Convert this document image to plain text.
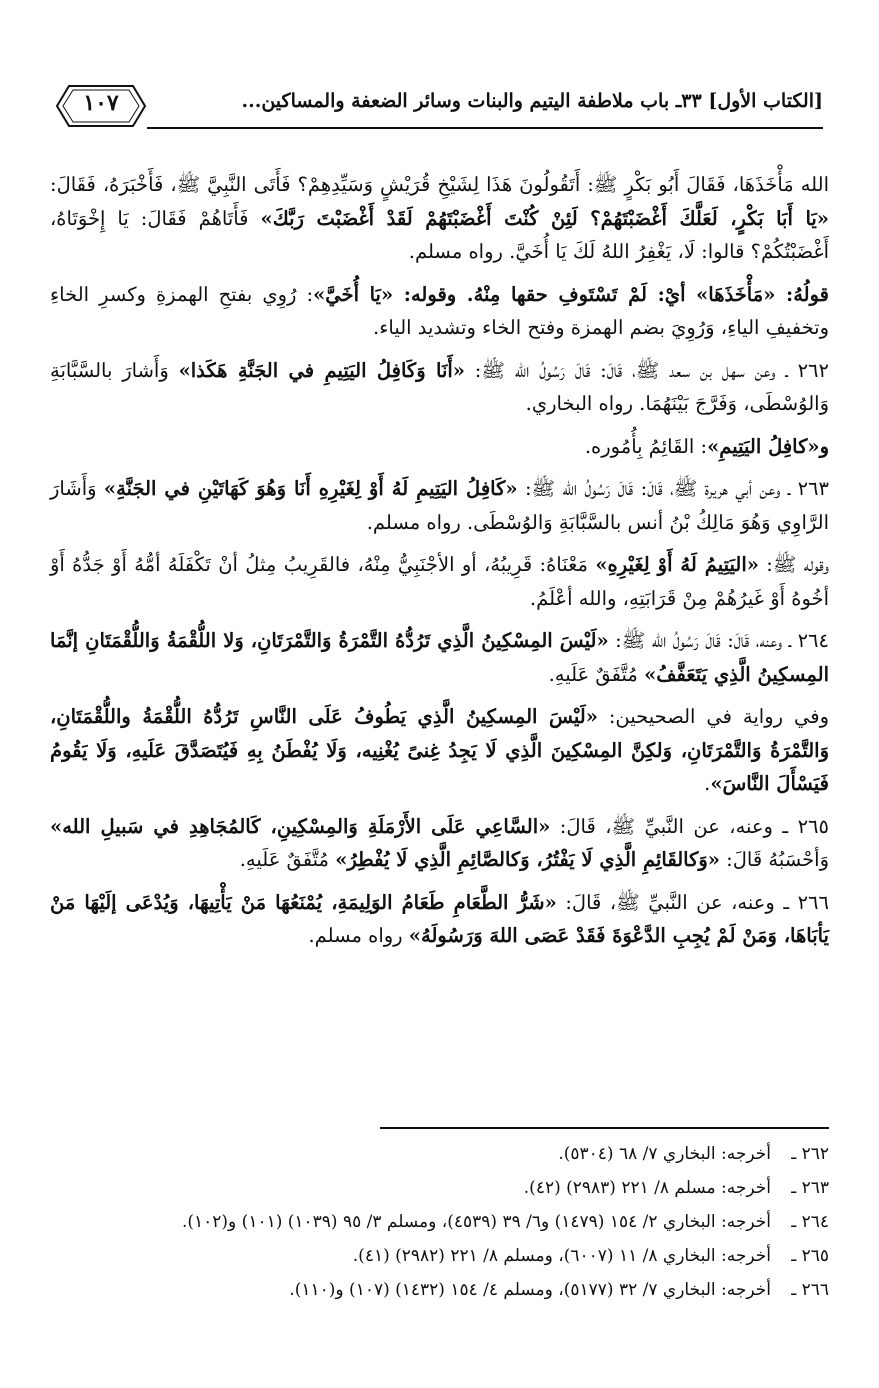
[الكتاب الأول] ٣٣ـ باب ملاطفة اليتيم والبنات وسائر الضعفة والمساكين...
١٠٧

الله مَأْخَذَهَا، فَقَالَ أَبُو بَكْرٍ ﷺ: أَتَقُولُونَ هَذَا لِشَيْخِ قُرَيْشٍ وَسَيِّدِهِمْ؟ فَأَتَى النَّبِيَّ ﷺ، فَأَخْبَرَهُ، فَقَالَ: «يَا أَبَا بَكْرٍ، لَعَلَّكَ أَغْضَبْتَهُمْ؟ لَئِنْ كُنْتَ أَغْضَبْتَهُمْ لَقَدْ أَغْضَبْتَ رَبَّكَ» فَأَتَاهُمْ فَقَالَ: يَا إِخْوَتَاهُ، أَغْضَبْتُكُمْ؟ قالوا: لَا، يَغْفِرُ اللهُ لَكَ يَا أُخَيَّ. رواه مسلم.

قولُهُ: «مَأْخَذَهَا» أيْ: لَمْ تَسْتَوفِ حقها مِنْهُ. وقوله: «يَا أُخَيَّ»: رُوِي بفتحِ الهمزةِ وكسرِ الخاءِ وتخفيفِ الياءِ، وَرُوِيَ بضم الهمزة وفتح الخاء وتشديد الياء.

٢٦٢ ـ وعن سهل بن سعد ﷺ، قَالَ: قَالَ رَسُولُ الله ﷺ: «أَنَا وَكَافِلُ اليَتِيمِ في الجَنَّةِ هَكَذا» وَأَشارَ بالسَّبَّابَةِ وَالوُسْطَى، وَفَرَّجَ بَيْنَهُمَا. رواه البخاري.

و«كافِلُ اليَتِيمِ»: القَائِمُ بِأُمُوره.

٢٦٣ ـ وعن أبي هريرة ﷺ، قَالَ: قَالَ رَسُولُ الله ﷺ: «كَافِلُ اليَتِيمِ لَهُ أَوْ لِغَيْرِهِ أَنَا وَهُوَ كَهَاتَيْنِ في الجَنَّةِ» وَأَشَارَ الرَّاوِي وَهُوَ مَالِكُ بْنُ أنس بالسَّبَّابَةِ وَالوُسْطَى. رواه مسلم.

وقوله ﷺ: «اليَتِيمُ لَهُ أَوْ لِغَيْرِهِ» مَعْنَاهُ: قَرِيبُهُ، أو الأجْنَبِيُّ مِنْهُ، فالقَرِيبُ مِثلُ أنْ تَكْفَلَهُ أمُّهُ أَوْ جَدُّهُ أَوْ أخُوهُ أَوْ غَيرُهُمْ مِنْ قَرَابَتِهِ، والله أعْلَمُ.

٢٦٤ ـ وعنه، قَالَ: قَالَ رَسُولُ الله ﷺ: «لَيْسَ المِسْكِينُ الَّذِي تَرُدُّهُ التَّمْرَةُ وَالتَّمْرَتَانِ، وَلا اللُّقْمَةُ وَاللُّقْمَتَانِ إنَّمَا المِسكِينُ الَّذِي يَتَعَفَّفُ» مُتَّفَقٌ عَلَيهِ.

وفي رواية في الصحيحين: «لَيْسَ المِسكِينُ الَّذِي يَطُوفُ عَلَى النَّاسِ تَرُدُّهُ اللُّقْمَةُ واللُّقْمَتَانِ، وَالتَّمْرَةُ وَالتَّمْرَتَانِ، وَلكِنَّ المِسْكِينَ الَّذِي لَا يَجِدُ غِنىً يُغْنِيه، وَلَا يُفْطَنُ بِهِ فَيُتَصَدَّقَ عَلَيهِ، وَلَا يَقُومُ فَيَسْأَلَ النَّاسَ».

٢٦٥ ـ وعنه، عن النَّبيِّ ﷺ، قَالَ: «السَّاعِي عَلَى الأَرْمَلَةِ وَالمِسْكِينِ، كَالمُجَاهِدِ في سَبيلِ الله» وَأحْسَبُهُ قَالَ: «وَكالقَائِمِ الَّذِي لَا يَفْتُرُ، وَكالصَّائِمِ الَّذِي لَا يُفْطِرُ» مُتَّفَقٌ عَلَيهِ.

٢٦٦ ـ وعنه، عن النَّبيِّ ﷺ، قَالَ: «شَرُّ الطَّعَامِ طَعَامُ الوَلِيمَةِ، يُمْنَعُهَا مَنْ يَأْتِيهَا، وَيُدْعَى إلَيْهَا مَنْ يَأبَاهَا، وَمَنْ لَمْ يُجِبِ الدَّعْوَةَ فَقَدْ عَصَى اللهَ وَرَسُولَهُ» رواه مسلم.

٢٦٢ ـ
أخرجه: البخاري ٧/ ٦٨ (٥٣٠٤).
٢٦٣ ـ
أخرجه: مسلم ٨/ ٢٢١ (٢٩٨٣) (٤٢).
٢٦٤ ـ
أخرجه: البخاري ٢/ ١٥٤ (١٤٧٩) و٦/ ٣٩ (٤٥٣٩)، ومسلم ٣/ ٩٥ (١٠٣٩) (١٠١) و(١٠٢).
٢٦٥ ـ
أخرجه: البخاري ٨/ ١١ (٦٠٠٧)، ومسلم ٨/ ٢٢١ (٢٩٨٢) (٤١).
٢٦٦ ـ
أخرجه: البخاري ٧/ ٣٢ (٥١٧٧)، ومسلم ٤/ ١٥٤ (١٤٣٢) (١٠٧) و(١١٠).
